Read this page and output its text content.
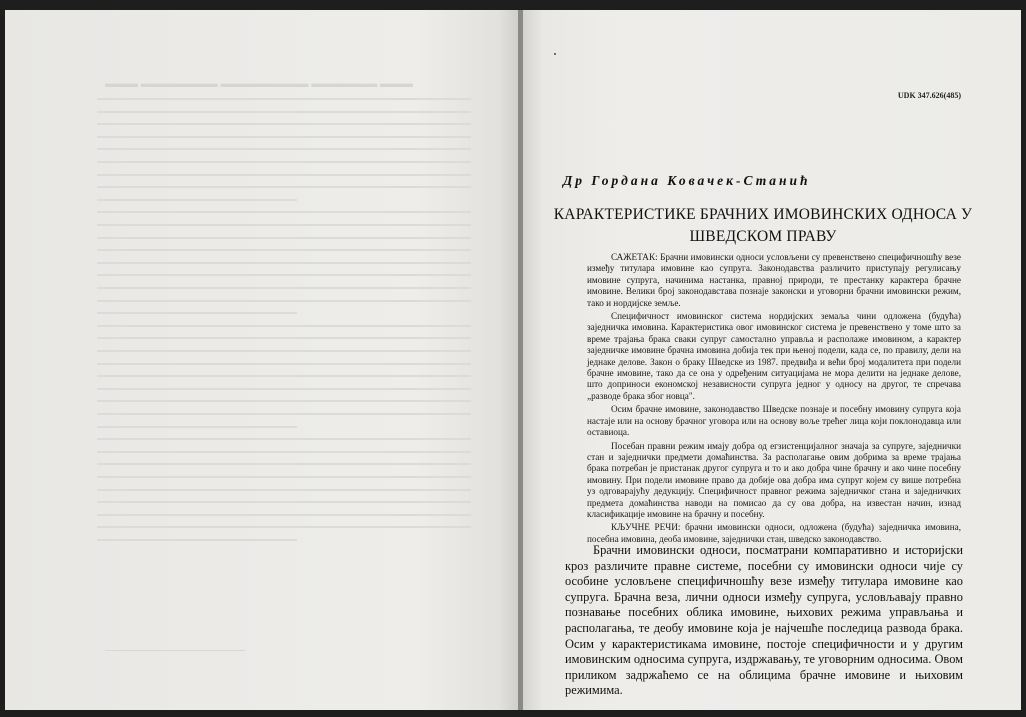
▬▬▬ ▬▬▬▬▬▬▬ ▬▬▬▬▬▬▬▬ ▬▬▬▬▬▬ ▬▬▬
UDK 347.626(485)
Др Гордана Ковачек-Станић
КАРАКТЕРИСТИКЕ БРАЧНИХ ИМОВИНСКИХ ОДНОСА У ШВЕДСКОМ ПРАВУ

САЖЕТАК: Брачни имовински односи условљени су превенствено специфичношћу везе између титулара имовине као супруга. Законодавства различито приступају регулисању имовине супруга, начинима настанка, правној природи, те престанку карактера брачне имовине. Велики број законодавстава познаје законски и уговорни брачни имовински режим, тако и нордијске земље.

Специфичност имовинског система нордијских земаља чини одложена (будућа) заједничка имовина. Карактеристика овог имовинског система је превенствено у томе што за време трајања брака сваки супруг самостално управља и располаже имовином, а карактер заједничке имовине брачна имовина добија тек при њеној подели, када се, по правилу, дели на једнаке делове. Закон о браку Шведске из 1987. предвиђа и већи број модалитета при подели брачне имовине, тако да се она у одређеним ситуацијама не мора делити на једнаке делове, што доприноси економској независности супруга једног у односу на другог, те спречава „разводе брака због новца".

Осим брачне имовине, законодавство Шведске познаје и посебну имовину супруга која настаје или на основу брачног уговора или на основу воље трећег лица који поклонодавца или оставиоца.

Посебан правни режим имају добра од егзистенцијалног значаја за супруге, заједнички стан и заједнички предмети домаћинства. За располагање овим добрима за време трајања брака потребан је пристанак другог супруга и то и ако добра чине брачну и ако чине посебну имовину. При подели имовине право да добије ова добра има супруг којем су више потребна уз одговарајућу дедукцију. Специфичност правног режима заједничког стана и заједничких предмета домаћинства наводи на помисао да су ова добра, на известан начин, изнад класификације имовине на брачну и посебну.

КЉУЧНЕ РЕЧИ: брачни имовински односи, одложена (будућа) заједничка имовина, посебна имовина, деоба имовине, заједнички стан, шведско законодавство.

Брачни имовински односи, посматрани компаративно и историјски кроз различите правне системе, посебни су имовински односи чије су особине условљене специфичношћу везе између титулара имовине као супруга. Брачна веза, лични односи између супруга, условљавају правно познавање посебних облика имовине, њихових режима управљања и располагања, те деобу имовине која је најчешће последица развода брака. Осим у карактеристикама имовине, постоје специфичности и у другим имовинским односима супруга, издржавању, те уговорним односима. Овом приликом задржаћемо се на облицима брачне имовине и њиховим режимима.
